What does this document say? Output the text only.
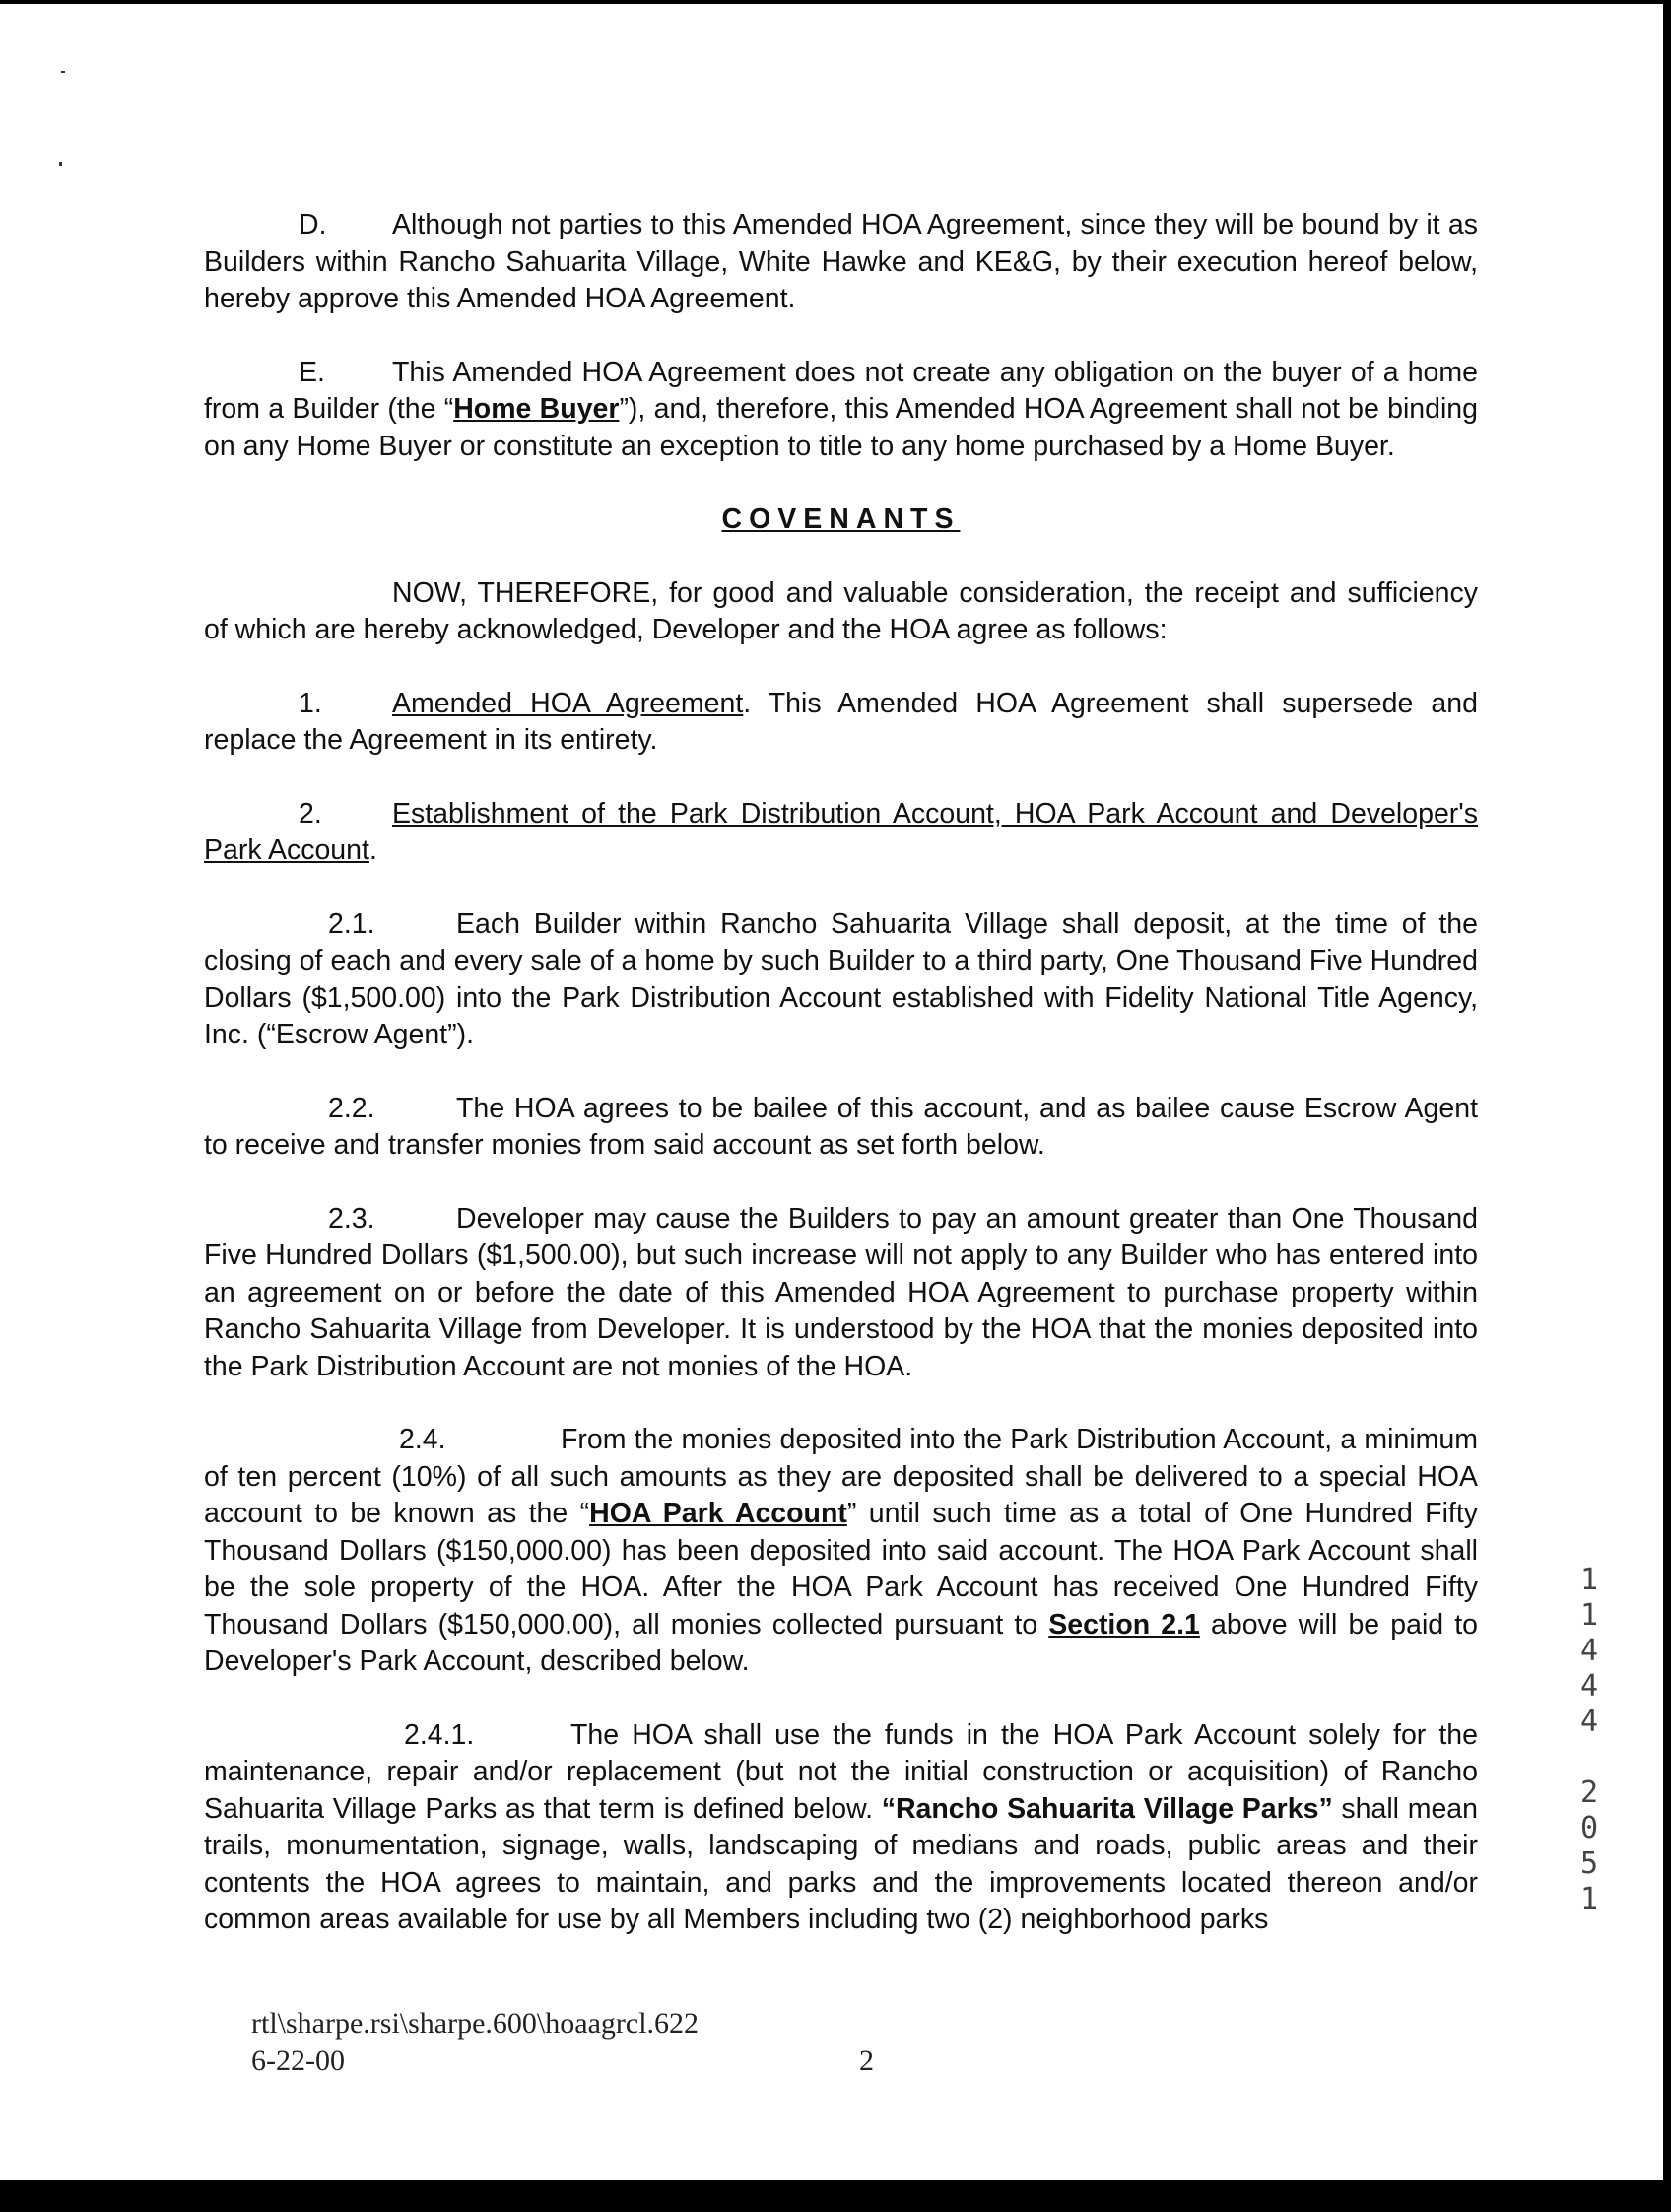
D. Although not parties to this Amended HOA Agreement, since they will be bound by it as Builders within Rancho Sahuarita Village, White Hawke and KE&G, by their execution hereof below, hereby approve this Amended HOA Agreement.

E. This Amended HOA Agreement does not create any obligation on the buyer of a home from a Builder (the “Home Buyer”), and, therefore, this Amended HOA Agreement shall not be binding on any Home Buyer or constitute an exception to title to any home purchased by a Home Buyer.

COVENANTS

NOW, THEREFORE, for good and valuable consideration, the receipt and sufficiency of which are hereby acknowledged, Developer and the HOA agree as follows:

1. Amended HOA Agreement. This Amended HOA Agreement shall supersede and replace the Agreement in its entirety.

2. Establishment of the Park Distribution Account, HOA Park Account and Developer's Park Account.

2.1.	Each Builder within Rancho Sahuarita Village shall deposit, at the time of the closing of each and every sale of a home by such Builder to a third party, One Thousand Five Hundred Dollars ($1,500.00) into the Park Distribution Account established with Fidelity National Title Agency, Inc. (“Escrow Agent”).

2.2.	The HOA agrees to be bailee of this account, and as bailee cause Escrow Agent to receive and transfer monies from said account as set forth below.

2.3.	Developer may cause the Builders to pay an amount greater than One Thousand Five Hundred Dollars ($1,500.00), but such increase will not apply to any Builder who has entered into an agreement on or before the date of this Amended HOA Agreement to purchase property within Rancho Sahuarita Village from Developer. It is understood by the HOA that the monies deposited into the Park Distribution Account are not monies of the HOA.

2.4.	From the monies deposited into the Park Distribution Account, a minimum of ten percent (10%) of all such amounts as they are deposited shall be delivered to a special HOA account to be known as the “HOA Park Account” until such time as a total of One Hundred Fifty Thousand Dollars ($150,000.00) has been deposited into said account. The HOA Park Account shall be the sole property of the HOA. After the HOA Park Account has received One Hundred Fifty Thousand Dollars ($150,000.00), all monies collected pursuant to Section 2.1 above will be paid to Developer's Park Account, described below.

2.4.1.	The HOA shall use the funds in the HOA Park Account solely for the maintenance, repair and/or replacement (but not the initial construction or acquisition) of Rancho Sahuarita Village Parks as that term is defined below. “Rancho Sahuarita Village Parks” shall mean trails, monumentation, signage, walls, landscaping of medians and roads, public areas and their contents the HOA agrees to maintain, and parks and the improvements located thereon and/or common areas available for use by all Members including two (2) neighborhood parks

rtl\sharpe.rsi\sharpe.600\hoaagrcl.622
6-22-00	2
1
1
4
4
4
2
0
5
1
